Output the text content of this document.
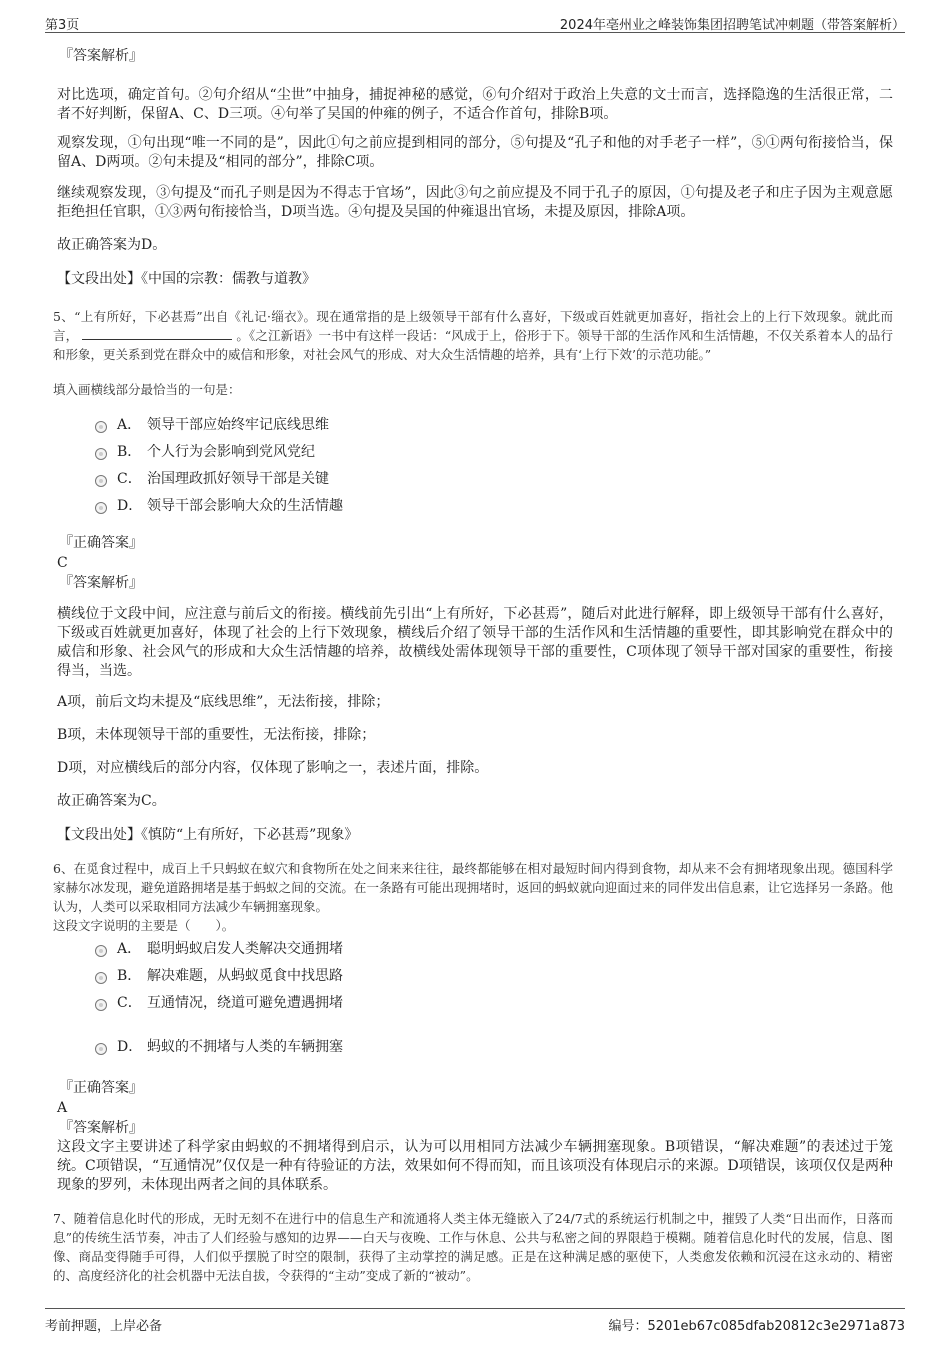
第3页	2024年亳州业之峰装饰集团招聘笔试冲刺题（带答案解析）
『答案解析』

对比选项，确定首句。②句介绍从“尘世”中抽身，捕捉神秘的感觉，⑥句介绍对于政治上失意的文士而言，选择隐逸的生活很正常，二者不好判断，保留A、C、D三项。④句举了吴国的仲雍的例子，不适合作首句，排除B项。

观察发现，①句出现“唯一不同的是”，因此①句之前应提到相同的部分，⑤句提及“孔子和他的对手老子一样”，⑤①两句衔接恰当，保留A、D两项。②句未提及“相同的部分”，排除C项。

继续观察发现，③句提及“而孔子则是因为不得志于官场”，因此③句之前应提及不同于孔子的原因，①句提及老子和庄子因为主观意愿拒绝担任官职，①③两句衔接恰当，D项当选。④句提及吴国的仲雍退出官场，未提及原因，排除A项。

故正确答案为D。

【文段出处】《中国的宗教：儒教与道教》

5、“上有所好，下必甚焉”出自《礼记·缁衣》。现在通常指的是上级领导干部有什么喜好，下级或百姓就更加喜好，指社会上的上行下效现象。就此而言，	。《之江新语》一书中有这样一段话：“风成于上，俗形于下。领导干部的生活作风和生活情趣，不仅关系着本人的品行和形象，更关系到党在群众中的威信和形象，对社会风气的形成、对大众生活情趣的培养，具有‘上行下效’的示范功能。”

填入画横线部分最恰当的一句是：

A． 领导干部应始终牢记底线思维
B． 个人行为会影响到党风党纪
C． 治国理政抓好领导干部是关键
D． 领导干部会影响大众的生活情趣
『正确答案』
C
『答案解析』

横线位于文段中间，应注意与前后文的衔接。横线前先引出“上有所好，下必甚焉”，随后对此进行解释，即上级领导干部有什么喜好，下级或百姓就更加喜好，体现了社会的上行下效现象，横线后介绍了领导干部的生活作风和生活情趣的重要性，即其影响党在群众中的威信和形象、社会风气的形成和大众生活情趣的培养，故横线处需体现领导干部的重要性，C项体现了领导干部对国家的重要性，衔接得当，当选。

A项，前后文均未提及“底线思维”，无法衔接，排除；

B项，未体现领导干部的重要性，无法衔接，排除；

D项，对应横线后的部分内容，仅体现了影响之一，表述片面，排除。

故正确答案为C。

【文段出处】《慎防“上有所好，下必甚焉”现象》

6、在觅食过程中，成百上千只蚂蚁在蚁穴和食物所在处之间来来往往，最终都能够在相对最短时间内得到食物，却从来不会有拥堵现象出现。德国科学家赫尔冰发现，避免道路拥堵是基于蚂蚁之间的交流。在一条路有可能出现拥堵时，返回的蚂蚁就向迎面过来的同伴发出信息素，让它选择另一条路。他认为，人类可以采取相同方法减少车辆拥塞现象。

这段文字说明的主要是（　　）。

A． 聪明蚂蚁启发人类解决交通拥堵
B． 解决难题，从蚂蚁觅食中找思路
C． 互通情况，绕道可避免遭遇拥堵
D． 蚂蚁的不拥堵与人类的车辆拥塞
『正确答案』
A
『答案解析』

这段文字主要讲述了科学家由蚂蚁的不拥堵得到启示，认为可以用相同方法减少车辆拥塞现象。B项错误，“解决难题”的表述过于笼统。C项错误，“互通情况”仅仅是一种有待验证的方法，效果如何不得而知，而且该项没有体现启示的来源。D项错误，该项仅仅是两种现象的罗列，未体现出两者之间的具体联系。

7、随着信息化时代的形成，无时无刻不在进行中的信息生产和流通将人类主体无缝嵌入了24/7式的系统运行机制之中，摧毁了人类“日出而作，日落而息”的传统生活节奏，冲击了人们经验与感知的边界——白天与夜晚、工作与休息、公共与私密之间的界限趋于模糊。随着信息化时代的发展，信息、图像、商品变得随手可得，人们似乎摆脱了时空的限制，获得了主动掌控的满足感。正是在这种满足感的驱使下，人类愈发依赖和沉浸在这永动的、精密的、高度经济化的社会机器中无法自拔，令获得的“主动”变成了新的“被动”。

考前押题，上岸必备	编号：5201eb67c085dfab20812c3e2971a873
